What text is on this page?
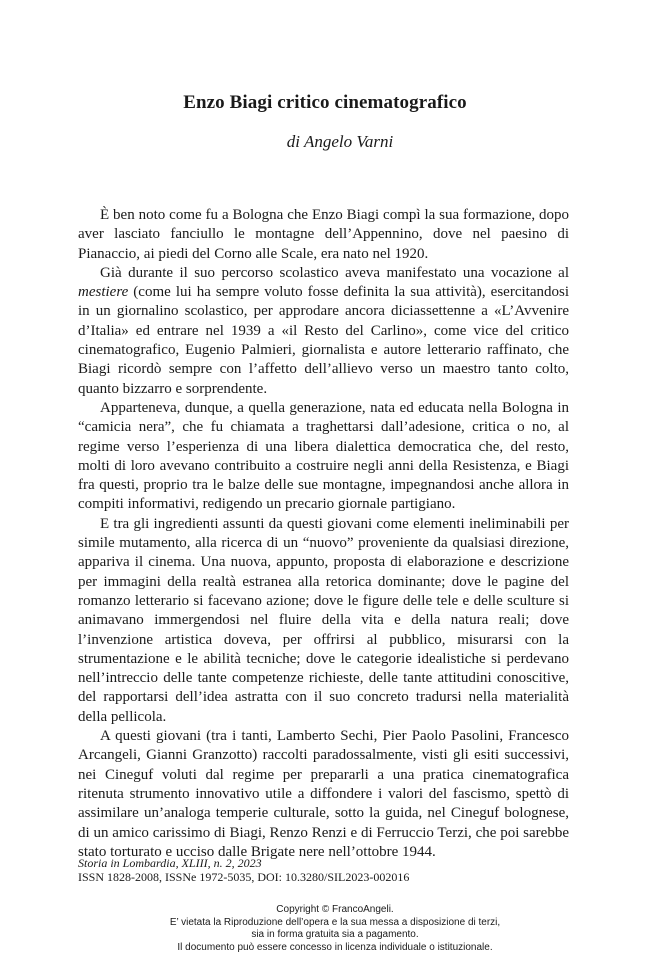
Enzo Biagi critico cinematografico
di Angelo Varni

È ben noto come fu a Bologna che Enzo Biagi compì la sua formazione, dopo aver lasciato fanciullo le montagne dell’Appennino, dove nel paesino di Pianaccio, ai piedi del Corno alle Scale, era nato nel 1920.

Già durante il suo percorso scolastico aveva manifestato una vocazione al mestiere (come lui ha sempre voluto fosse definita la sua attività), esercitandosi in un giornalino scolastico, per approdare ancora diciassettenne a «L’Avvenire d’Italia» ed entrare nel 1939 a «il Resto del Carlino», come vice del critico cinematografico, Eugenio Palmieri, giornalista e autore letterario raffinato, che Biagi ricordò sempre con l’affetto dell’allievo verso un maestro tanto colto, quanto bizzarro e sorprendente.

Apparteneva, dunque, a quella generazione, nata ed educata nella Bologna in “camicia nera”, che fu chiamata a traghettarsi dall’adesione, critica o no, al regime verso l’esperienza di una libera dialettica democratica che, del resto, molti di loro avevano contribuito a costruire negli anni della Resistenza, e Biagi fra questi, proprio tra le balze delle sue montagne, impegnandosi anche allora in compiti informativi, redigendo un precario giornale partigiano.

E tra gli ingredienti assunti da questi giovani come elementi ineliminabili per simile mutamento, alla ricerca di un “nuovo” proveniente da qualsiasi direzione, appariva il cinema. Una nuova, appunto, proposta di elaborazione e descrizione per immagini della realtà estranea alla retorica dominante; dove le pagine del romanzo letterario si facevano azione; dove le figure delle tele e delle sculture si animavano immergendosi nel fluire della vita e della natura reali; dove l’invenzione artistica doveva, per offrirsi al pubblico, misurarsi con la strumentazione e le abilità tecniche; dove le categorie idealistiche si perdevano nell’intreccio delle tante competenze richieste, delle tante attitudini conoscitive, del rapportarsi dell’idea astratta con il suo concreto tradursi nella materialità della pellicola.

A questi giovani (tra i tanti, Lamberto Sechi, Pier Paolo Pasolini, Francesco Arcangeli, Gianni Granzotto) raccolti paradossalmente, visti gli esiti successivi, nei Cineguf voluti dal regime per prepararli a una pratica cinematografica ritenuta strumento innovativo utile a diffondere i valori del fascismo, spettò di assimilare un’analoga temperie culturale, sotto la guida, nel Cineguf bolognese, di un amico carissimo di Biagi, Renzo Renzi e di Ferruccio Terzi, che poi sarebbe stato torturato e ucciso dalle Brigate nere nell’ottobre 1944.

Storia in Lombardia, XLIII, n. 2, 2023
ISSN 1828-2008, ISSNe 1972-5035, DOI: 10.3280/SIL2023-002016
Copyright © FrancoAngeli.
E’ vietata la Riproduzione dell’opera e la sua messa a disposizione di terzi,
sia in forma gratuita sia a pagamento.
Il documento può essere concesso in licenza individuale o istituzionale.
